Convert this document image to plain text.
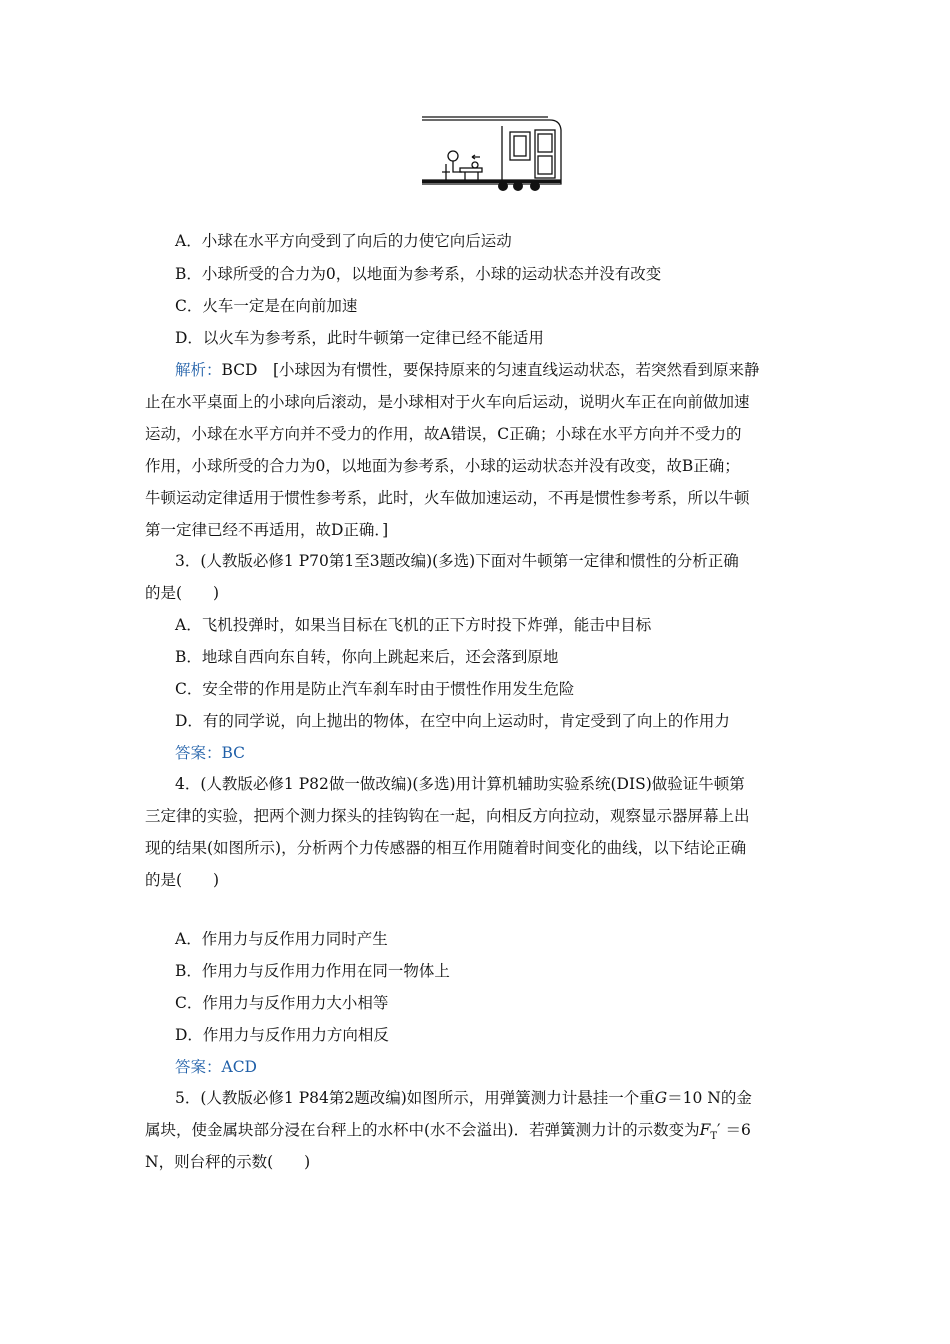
A．小球在水平方向受到了向后的力使它向后运动
B．小球所受的合力为0，以地面为参考系，小球的运动状态并没有改变
C．火车一定是在向前加速
D．以火车为参考系，此时牛顿第一定律已经不能适用
解析：BCD　[小球因为有惯性，要保持原来的匀速直线运动状态，若突然看到原来静
止在水平桌面上的小球向后滚动，是小球相对于火车向后运动，说明火车正在向前做加速
运动，小球在水平方向并不受力的作用，故A错误，C正确；小球在水平方向并不受力的
作用，小球所受的合力为0，以地面为参考系，小球的运动状态并没有改变，故B正确；
牛顿运动定律适用于惯性参考系，此时，火车做加速运动，不再是惯性参考系，所以牛顿
第一定律已经不再适用，故D正确．]
3．(人教版必修1 P70第1至3题改编)(多选)下面对牛顿第一定律和惯性的分析正确
的是(　　)
A．飞机投弹时，如果当目标在飞机的正下方时投下炸弹，能击中目标
B．地球自西向东自转，你向上跳起来后，还会落到原地
C．安全带的作用是防止汽车刹车时由于惯性作用发生危险
D．有的同学说，向上抛出的物体，在空中向上运动时，肯定受到了向上的作用力
答案：BC
4．(人教版必修1 P82做一做改编)(多选)用计算机辅助实验系统(DIS)做验证牛顿第
三定律的实验，把两个测力探头的挂钩钩在一起，向相反方向拉动，观察显示器屏幕上出
现的结果(如图所示)，分析两个力传感器的相互作用随着时间变化的曲线，以下结论正确
的是(　　)
A．作用力与反作用力同时产生
B．作用力与反作用力作用在同一物体上
C．作用力与反作用力大小相等
D．作用力与反作用力方向相反
答案：ACD
5．(人教版必修1 P84第2题改编)如图所示，用弹簧测力计悬挂一个重G＝10 N的金
属块，使金属块部分浸在台秤上的水杯中(水不会溢出)．若弹簧测力计的示数变为$F_T' =6$
N，则台秤的示数(　　)
